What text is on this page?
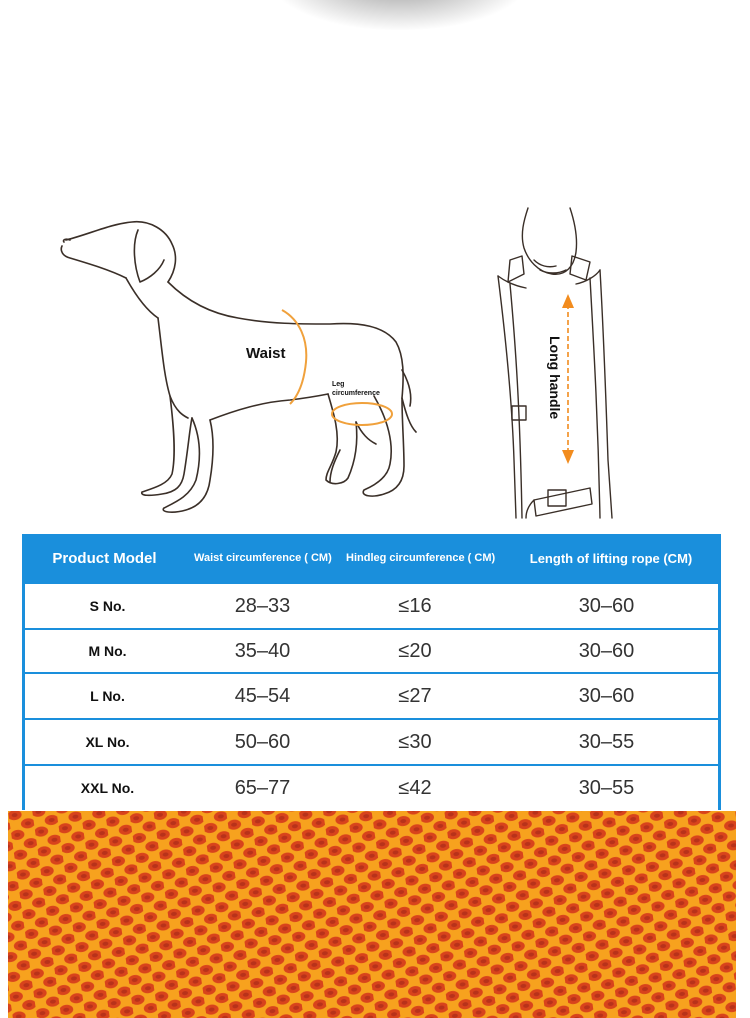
Waist
Leg circumference	Long handle
Product Model	Waist circumference ( CM)	Hindleg circumference ( CM)	Length of lifting rope (CM)
S No.	28–33	≤16	30–60
M No.	35–40	≤20	30–60
L No.	45–54	≤27	30–60
XL No.	50–60	≤30	30–55
XXL No.	65–77	≤42	30–55
